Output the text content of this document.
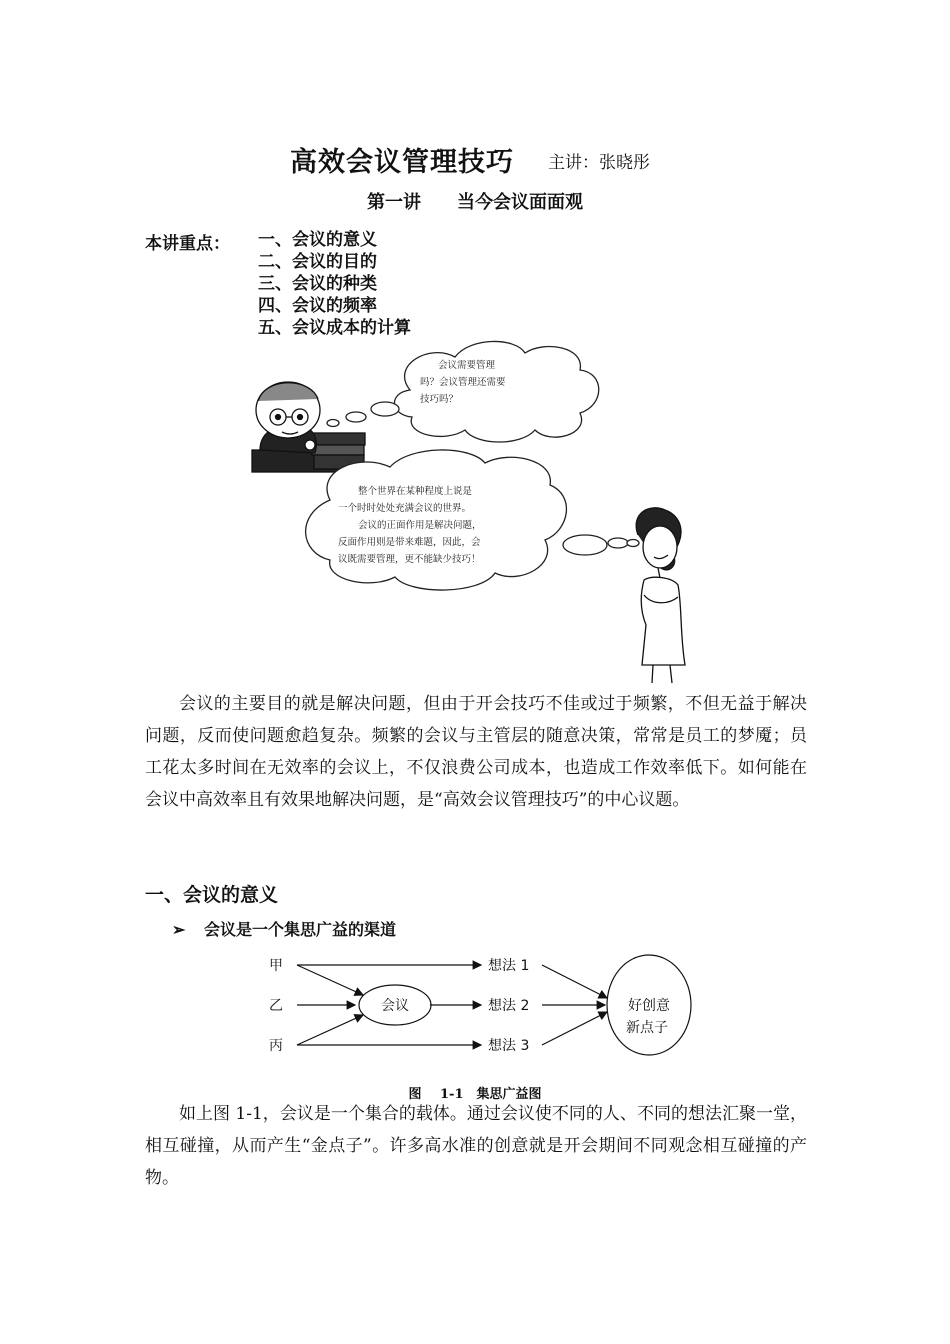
高效会议管理技巧 主讲：张晓彤
第一讲　　当今会议面面观
本讲重点： 一、会议的意义
二、会议的目的
三、会议的种类
四、会议的频率
五、会议成本的计算
会议需要管理
吗？会议管理还需要
技巧吗？
整个世界在某种程度上说是
一个时时处处充满会议的世界。
会议的正面作用是解决问题，
反面作用则是带来难题，因此，会
议既需要管理，更不能缺少技巧！
会议的主要目的就是解决问题，但由于开会技巧不佳或过于频繁，不但无益于解决问题，反而使问题愈趋复杂。频繁的会议与主管层的随意决策，常常是员工的梦魇；员工花太多时间在无效率的会议上，不仅浪费公司成本，也造成工作效率低下。如何能在会议中高效率且有效果地解决问题，是“高效会议管理技巧”的中心议题。
一、会议的意义
➢ 会议是一个集思广益的渠道
甲
乙
丙
会议
想法 1
想法 2
想法 3
好创意
新点子
图 1-1　集思广益图
如上图 1-1，会议是一个集合的载体。通过会议使不同的人、不同的想法汇聚一堂，相互碰撞，从而产生“金点子”。许多高水准的创意就是开会期间不同观念相互碰撞的产物。
